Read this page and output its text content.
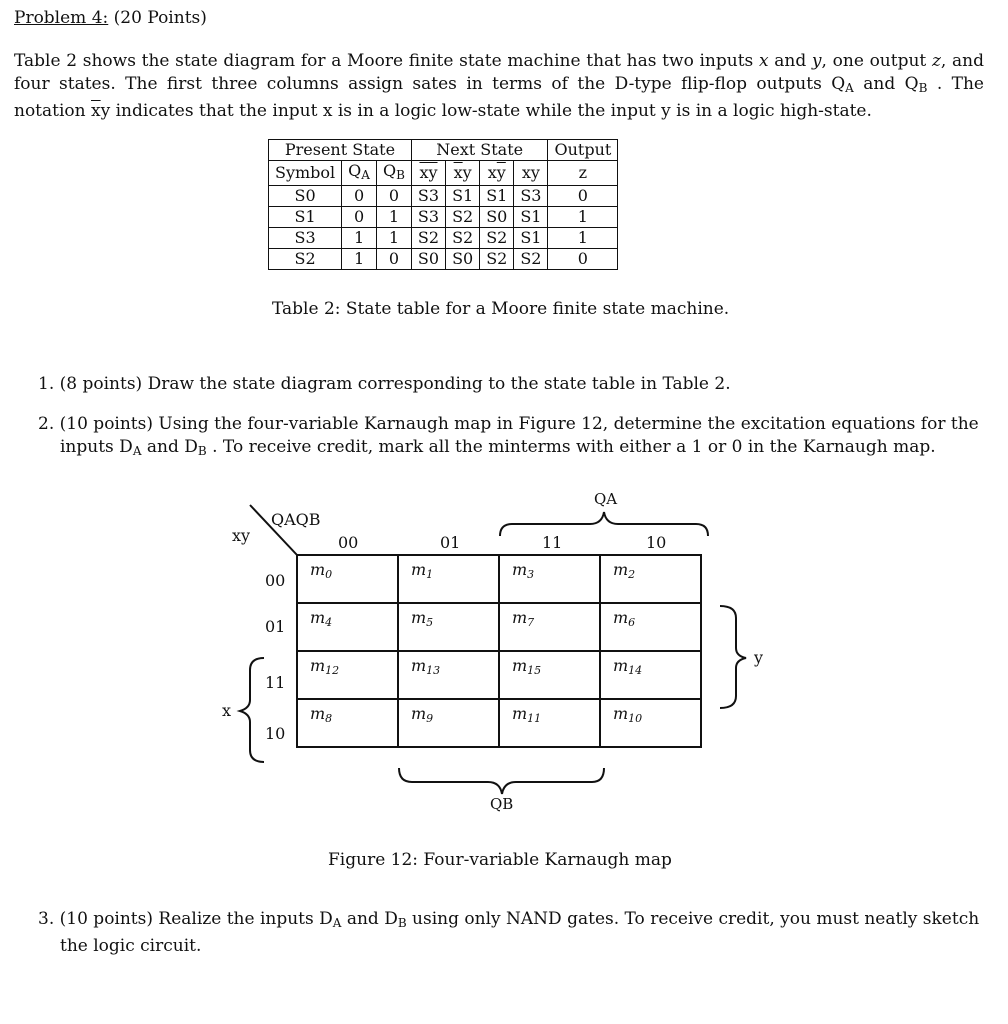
Problem 4: (20 Points)
Table 2 shows the state diagram for a Moore finite state machine that has two inputs x and y, one output z, and four states. The first three columns assign sates in terms of the D-type flip-flop outputs $Q_A$ and $Q_B$ . The notation $\overline{x}y$ indicates that the input x is in a logic low-state while the input y is in a logic high-state.
Present State			Next State				Output
Symbol	$Q_A$	$Q_B$	$\overline{xy}$	$\overline{x}y$	$x\overline{y}$	xy	z
S0	0	0	S3	S1	S1	S3	0
S1	0	1	S3	S2	S0	S1	1
S3	1	1	S2	S2	S2	S1	1
S2	1	0	S0	S0	S2	S2	0
Table 2: State table for a Moore finite state machine.
1. (8 points) Draw the state diagram corresponding to the state table in Table 2.
2. (10 points) Using the four-variable Karnaugh map in Figure 12, determine the excitation equations for the inputs $D_A$ and $D_B$ . To receive credit, mark all the minterms with either a 1 or 0 in the Karnaugh map.
QAQB
xy	00	01	11	10
00
01
11
10
QA
QB
y
x
$m_0$	$m_1$	$m_3$	$m_2$
$m_4$	$m_5$	$m_7$	$m_6$
$m_{12}$	$m_{13}$	$m_{15}$	$m_{14}$
$m_8$	$m_9$	$m_{11}$	$m_{10}$
Figure 12: Four-variable Karnaugh map
3. (10 points) Realize the inputs $D_A$ and $D_B$ using only NAND gates. To receive credit, you must neatly sketch the logic circuit.
